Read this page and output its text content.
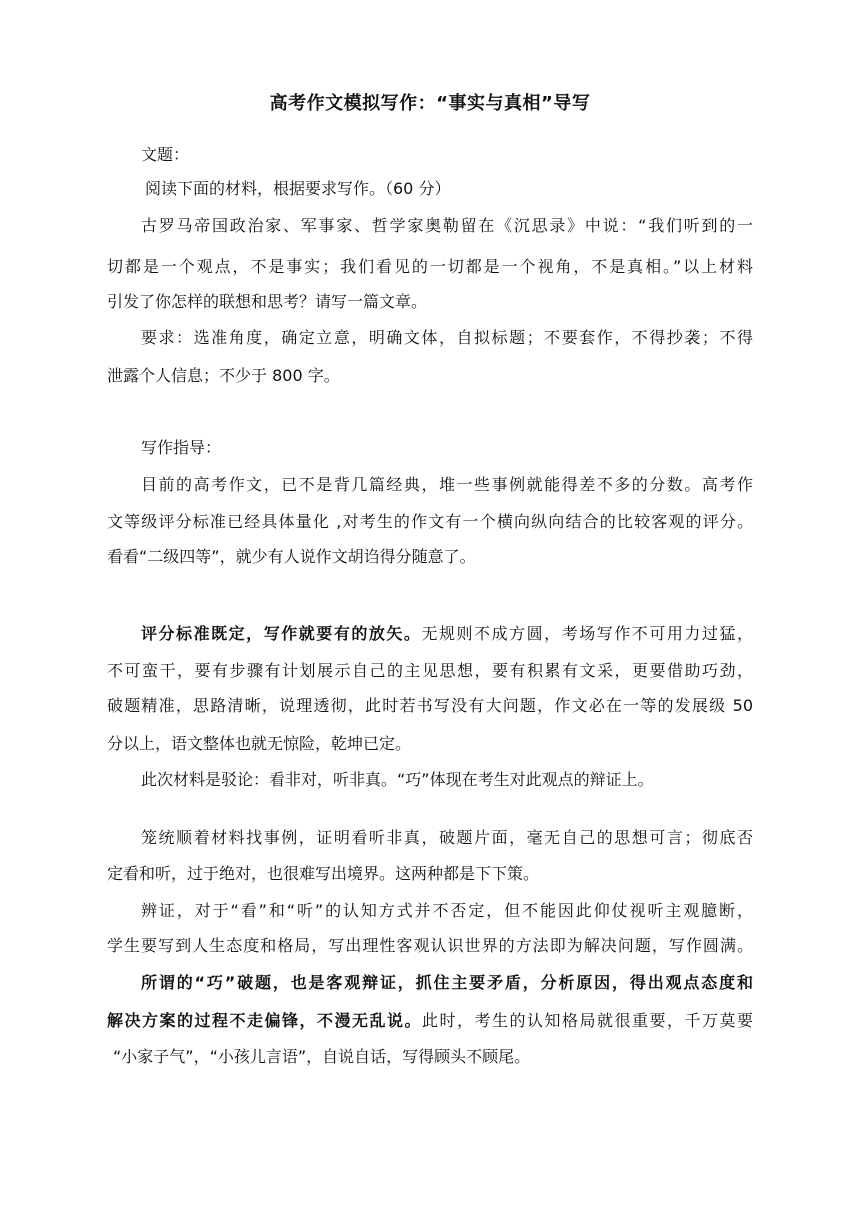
高考作文模拟写作：“事实与真相”导写
文题：
阅读下面的材料，根据要求写作。（60 分）
古罗马帝国政治家、军事家、哲学家奥勒留在《沉思录》中说：“我们听到的一
切都是一个观点，不是事实；我们看见的一切都是一个视角，不是真相。”以上材料
引发了你怎样的联想和思考？请写一篇文章。
要求：选准角度，确定立意，明确文体，自拟标题；不要套作，不得抄袭；不得
泄露个人信息；不少于 800 字。
写作指导：
目前的高考作文，已不是背几篇经典，堆一些事例就能得差不多的分数。高考作
文等级评分标准已经具体量化 ,对考生的作文有一个横向纵向结合的比较客观的评分。
看看“二级四等”，就少有人说作文胡诌得分随意了。
评分标准既定，写作就要有的放矢。无规则不成方圆，考场写作不可用力过猛，
不可蛮干，要有步骤有计划展示自己的主见思想，要有积累有文采，更要借助巧劲，
破题精准，思路清晰，说理透彻，此时若书写没有大问题，作文必在一等的发展级 50
分以上，语文整体也就无惊险，乾坤已定。
此次材料是驳论：看非对，听非真。“巧”体现在考生对此观点的辩证上。
笼统顺着材料找事例，证明看听非真，破题片面，毫无自己的思想可言；彻底否
定看和听，过于绝对，也很难写出境界。这两种都是下下策。
辨证，对于“看”和“听”的认知方式并不否定，但不能因此仰仗视听主观臆断，
学生要写到人生态度和格局，写出理性客观认识世界的方法即为解决问题，写作圆满。
所谓的“巧”破题，也是客观辩证，抓住主要矛盾，分析原因，得出观点态度和
解决方案的过程不走偏锋，不漫无乱说。此时，考生的认知格局就很重要，千万莫要
“小家子气”，“小孩儿言语”，自说自话，写得顾头不顾尾。
